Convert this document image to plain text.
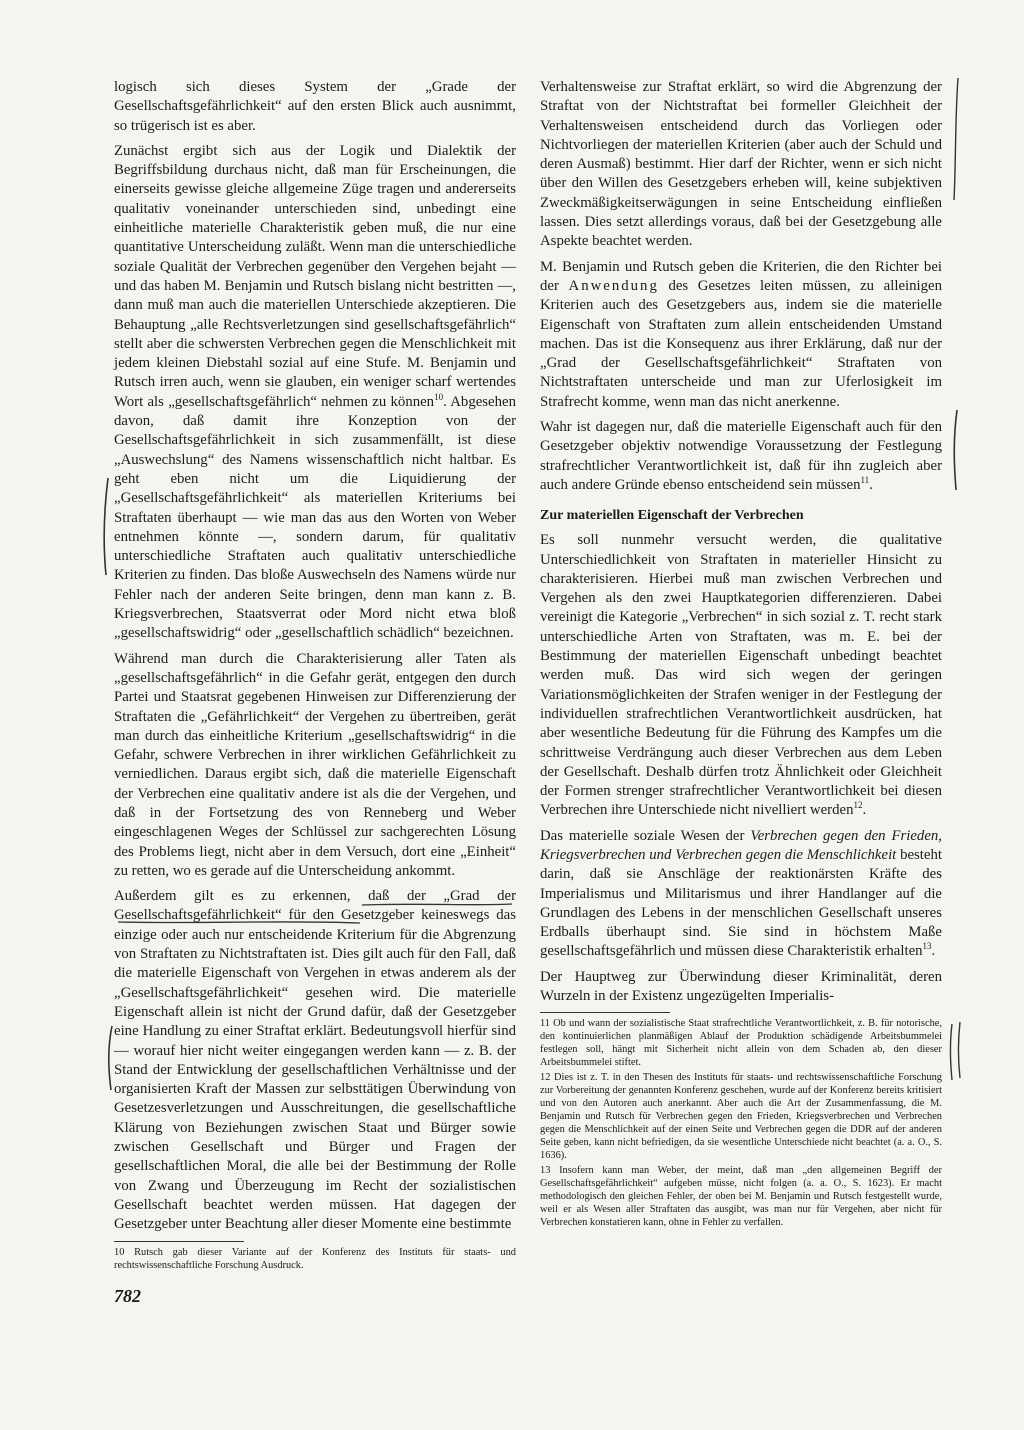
logisch sich dieses System der „Grade der Gesellschaftsgefährlichkeit“ auf den ersten Blick auch ausnimmt, so trügerisch ist es aber.

Zunächst ergibt sich aus der Logik und Dialektik der Begriffsbildung durchaus nicht, daß man für Erscheinungen, die einerseits gewisse gleiche allgemeine Züge tragen und andererseits qualitativ voneinander unterschieden sind, unbedingt eine einheitliche materielle Charakteristik geben muß, die nur eine quantitative Unterscheidung zuläßt. Wenn man die unterschiedliche soziale Qualität der Verbrechen gegenüber den Vergehen bejaht — und das haben M. Benjamin und Rutsch bislang nicht bestritten —, dann muß man auch die materiellen Unterschiede akzeptieren. Die Behauptung „alle Rechtsverletzungen sind gesellschaftsgefährlich“ stellt aber die schwersten Verbrechen gegen die Menschlichkeit mit jedem kleinen Diebstahl sozial auf eine Stufe. M. Benjamin und Rutsch irren auch, wenn sie glauben, ein weniger scharf wertendes Wort als „gesellschaftsgefährlich“ nehmen zu können$^{10}$. Abgesehen davon, daß damit ihre Konzeption von der Gesellschaftsgefährlichkeit in sich zusammenfällt, ist diese „Auswechslung“ des Namens wissenschaftlich nicht haltbar. Es geht eben nicht um die Liquidierung der „Gesellschaftsgefährlichkeit“ als materiellen Kriteriums bei Straftaten überhaupt — wie man das aus den Worten von Weber entnehmen könnte —, sondern darum, für qualitativ unterschiedliche Straftaten auch qualitativ unterschiedliche Kriterien zu finden. Das bloße Auswechseln des Namens würde nur Fehler nach der anderen Seite bringen, denn man kann z. B. Kriegsverbrechen, Staatsverrat oder Mord nicht etwa bloß „gesellschaftswidrig“ oder „gesellschaftlich schädlich“ bezeichnen.

Während man durch die Charakterisierung aller Taten als „gesellschaftsgefährlich“ in die Gefahr gerät, entgegen den durch Partei und Staatsrat gegebenen Hinweisen zur Differenzierung der Straftaten die „Gefährlichkeit“ der Vergehen zu übertreiben, gerät man durch das einheitliche Kriterium „gesellschaftswidrig“ in die Gefahr, schwere Verbrechen in ihrer wirklichen Gefährlichkeit zu verniedlichen. Daraus ergibt sich, daß die materielle Eigenschaft der Verbrechen eine qualitativ andere ist als die der Vergehen, und daß in der Fortsetzung des von Renneberg und Weber eingeschlagenen Weges der Schlüssel zur sachgerechten Lösung des Problems liegt, nicht aber in dem Versuch, dort eine „Einheit“ zu retten, wo es gerade auf die Unterscheidung ankommt.

Außerdem gilt es zu erkennen, daß der „Grad der Gesellschaftsgefährlichkeit“ für den Gesetzgeber keineswegs das einzige oder auch nur entscheidende Kriterium für die Abgrenzung von Straftaten zu Nichtstraftaten ist. Dies gilt auch für den Fall, daß die materielle Eigenschaft von Vergehen in etwas anderem als der „Gesellschaftsgefährlichkeit“ gesehen wird. Die materielle Eigenschaft allein ist nicht der Grund dafür, daß der Gesetzgeber eine Handlung zu einer Straftat erklärt. Bedeutungsvoll hierfür sind — worauf hier nicht weiter eingegangen werden kann — z. B. der Stand der Entwicklung der gesellschaftlichen Verhältnisse und der organisierten Kraft der Massen zur selbsttätigen Überwindung von Gesetzesverletzungen und Ausschreitungen, die gesellschaftliche Klärung von Beziehungen zwischen Staat und Bürger sowie zwischen Gesellschaft und Bürger und Fragen der gesellschaftlichen Moral, die alle bei der Bestimmung der Rolle von Zwang und Überzeugung im Recht der sozialistischen Gesellschaft beachtet werden müssen. Hat dagegen der Gesetzgeber unter Beachtung aller dieser Momente eine bestimmte

10 Rutsch gab dieser Variante auf der Konferenz des Instituts für staats- und rechtswissenschaftliche Forschung Ausdruck.

Verhaltensweise zur Straftat erklärt, so wird die Abgrenzung der Straftat von der Nichtstraftat bei formeller Gleichheit der Verhaltensweisen entscheidend durch das Vorliegen oder Nichtvorliegen der materiellen Kriterien (aber auch der Schuld und deren Ausmaß) bestimmt. Hier darf der Richter, wenn er sich nicht über den Willen des Gesetzgebers erheben will, keine subjektiven Zweckmäßigkeitserwägungen in seine Entscheidung einfließen lassen. Dies setzt allerdings voraus, daß bei der Gesetzgebung alle Aspekte beachtet werden.

M. Benjamin und Rutsch geben die Kriterien, die den Richter bei der Anwendung des Gesetzes leiten müssen, zu alleinigen Kriterien auch des Gesetzgebers aus, indem sie die materielle Eigenschaft von Straftaten zum allein entscheidenden Umstand machen. Das ist die Konsequenz aus ihrer Erklärung, daß nur der „Grad der Gesellschaftsgefährlichkeit“ Straftaten von Nichtstraftaten unterscheide und man zur Uferlosigkeit im Strafrecht komme, wenn man das nicht anerkenne.

Wahr ist dagegen nur, daß die materielle Eigenschaft auch für den Gesetzgeber objektiv notwendige Voraussetzung der Festlegung strafrechtlicher Verantwortlichkeit ist, daß für ihn zugleich aber auch andere Gründe ebenso entscheidend sein müssen$^{11}$.

Zur materiellen Eigenschaft der Verbrechen

Es soll nunmehr versucht werden, die qualitative Unterschiedlichkeit von Straftaten in materieller Hinsicht zu charakterisieren. Hierbei muß man zwischen Verbrechen und Vergehen als den zwei Hauptkategorien differenzieren. Dabei vereinigt die Kategorie „Verbrechen“ in sich sozial z. T. recht stark unterschiedliche Arten von Straftaten, was m. E. bei der Bestimmung der materiellen Eigenschaft unbedingt beachtet werden muß. Das wird sich wegen der geringen Variationsmöglichkeiten der Strafen weniger in der Festlegung der individuellen strafrechtlichen Verantwortlichkeit ausdrücken, hat aber wesentliche Bedeutung für die Führung des Kampfes um die schrittweise Verdrängung auch dieser Verbrechen aus dem Leben der Gesellschaft. Deshalb dürfen trotz Ähnlichkeit oder Gleichheit der Formen strenger strafrechtlicher Verantwortlichkeit bei diesen Verbrechen ihre Unterschiede nicht nivelliert werden$^{12}$.

Das materielle soziale Wesen der Verbrechen gegen den Frieden, Kriegsverbrechen und Verbrechen gegen die Menschlichkeit besteht darin, daß sie Anschläge der reaktionärsten Kräfte des Imperialismus und Militarismus und ihrer Handlanger auf die Grundlagen des Lebens in der menschlichen Gesellschaft unseres Erdballs überhaupt sind. Sie sind in höchstem Maße gesellschaftsgefährlich und müssen diese Charakteristik erhalten$^{13}$.

Der Hauptweg zur Überwindung dieser Kriminalität, deren Wurzeln in der Existenz ungezügelten Imperialis-

11 Ob und wann der sozialistische Staat strafrechtliche Verantwortlichkeit, z. B. für notorische, den kontinuierlichen planmäßigen Ablauf der Produktion schädigende Arbeitsbummelei festlegen soll, hängt mit Sicherheit nicht allein von dem Schaden ab, den dieser Arbeitsbummelei stiftet.

12 Dies ist z. T. in den Thesen des Instituts für staats- und rechtswissenschaftliche Forschung zur Vorbereitung der genannten Konferenz geschehen, wurde auf der Konferenz bereits kritisiert und von den Autoren auch anerkannt. Aber auch die Art der Zusammenfassung, die M. Benjamin und Rutsch für Verbrechen gegen den Frieden, Kriegsverbrechen und Verbrechen gegen die Menschlichkeit auf der einen Seite und Verbrechen gegen die DDR auf der anderen Seite geben, kann nicht befriedigen, da sie wesentliche Unterschiede nicht beachtet (a. a. O., S. 1636).

13 Insofern kann man Weber, der meint, daß man „den allgemeinen Begriff der Gesellschaftsgefährlichkeit“ aufgeben müsse, nicht folgen (a. a. O., S. 1623). Er macht methodologisch den gleichen Fehler, der oben bei M. Benjamin und Rutsch festgestellt wurde, weil er als Wesen aller Straftaten das ausgibt, was man nur für Vergehen, aber nicht für Verbrechen konstatieren kann, ohne in Fehler zu verfallen.

782
